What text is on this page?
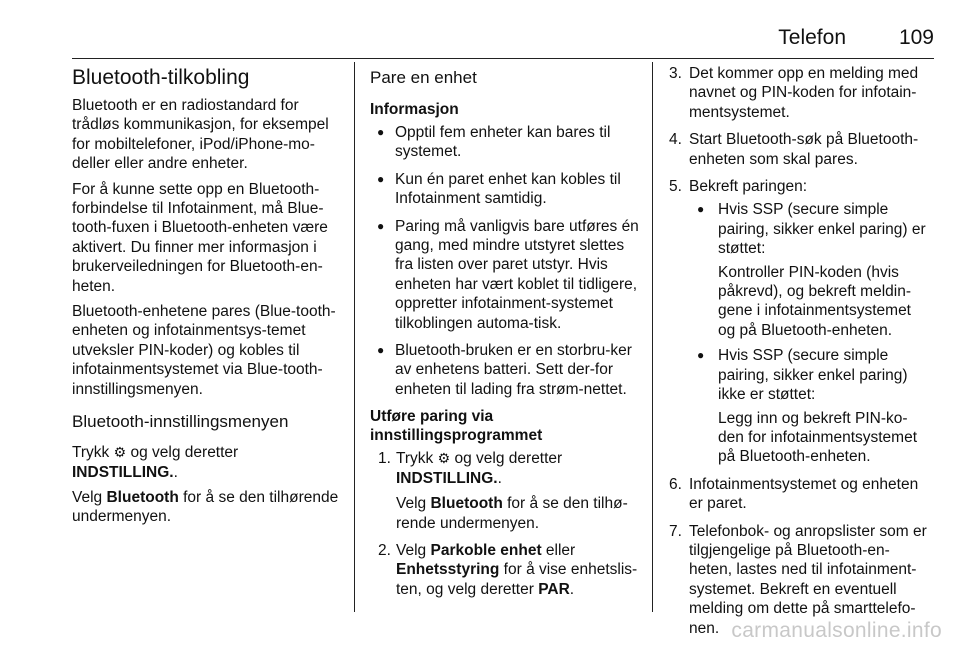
Telefon	109
Bluetooth-tilkobling

Bluetooth er en radiostandard for trådløs kommunikasjon, for eksempel for mobiltelefoner, iPod/iPhone-mo-deller eller andre enheter.

For å kunne sette opp en Bluetooth-forbindelse til Infotainment, må Blue-tooth-fuxen i Bluetooth-enheten være aktivert. Du finner mer informasjon i brukerveiledningen for Bluetooth-en-heten.

Bluetooth-enhetene pares (Blue-tooth-enheten og infotainmentsys-temet utveksler PIN-koder) og kobles til infotainmentsystemet via Blue-tooth-innstillingsmenyen.

Bluetooth-innstillingsmenyen

Trykk ⚙ og velg deretter
INDSTILLING..

Velg Bluetooth for å se den tilhørende undermenyen.

Pare en enhet
Informasjon
● Opptil fem enheter kan bares til systemet.
● Kun én paret enhet kan kobles til Infotainment samtidig.
● Paring må vanligvis bare utføres én gang, med mindre utstyret slettes fra listen over paret utstyr. Hvis enheten har vært koblet til tidligere, oppretter infotainment-systemet tilkoblingen automa-tisk.
● Bluetooth-bruken er en storbru-ker av enhetens batteri. Sett der-for enheten til lading fra strøm-nettet.
Utføre paring via innstillingsprogrammet
1. Trykk ⚙ og velg deretter
INDSTILLING..
Velg Bluetooth for å se den tilhø-rende undermenyen.
2. Velg Parkoble enhet eller Enhetsstyring for å vise enhetslis-ten, og velg deretter PAR.
3. Det kommer opp en melding med navnet og PIN-koden for infotain-mentsystemet.
4. Start Bluetooth-søk på Bluetooth-enheten som skal pares.
5. Bekreft paringen:
● Hvis SSP (secure simple pairing, sikker enkel paring) er støttet:

Kontroller PIN-koden (hvis påkrevd), og bekreft meldin-gene i infotainmentsystemet og på Bluetooth-enheten.

● Hvis SSP (secure simple pairing, sikker enkel paring) ikke er støttet:

Legg inn og bekreft PIN-ko-den for infotainmentsystemet på Bluetooth-enheten.

6. Infotainmentsystemet og enheten er paret.
7. Telefonbok- og anropslister som er tilgjengelige på Bluetooth-en-heten, lastes ned til infotainment-systemet. Bekreft en eventuell melding om dette på smarttelefo-nen. carmanualsonline.info
